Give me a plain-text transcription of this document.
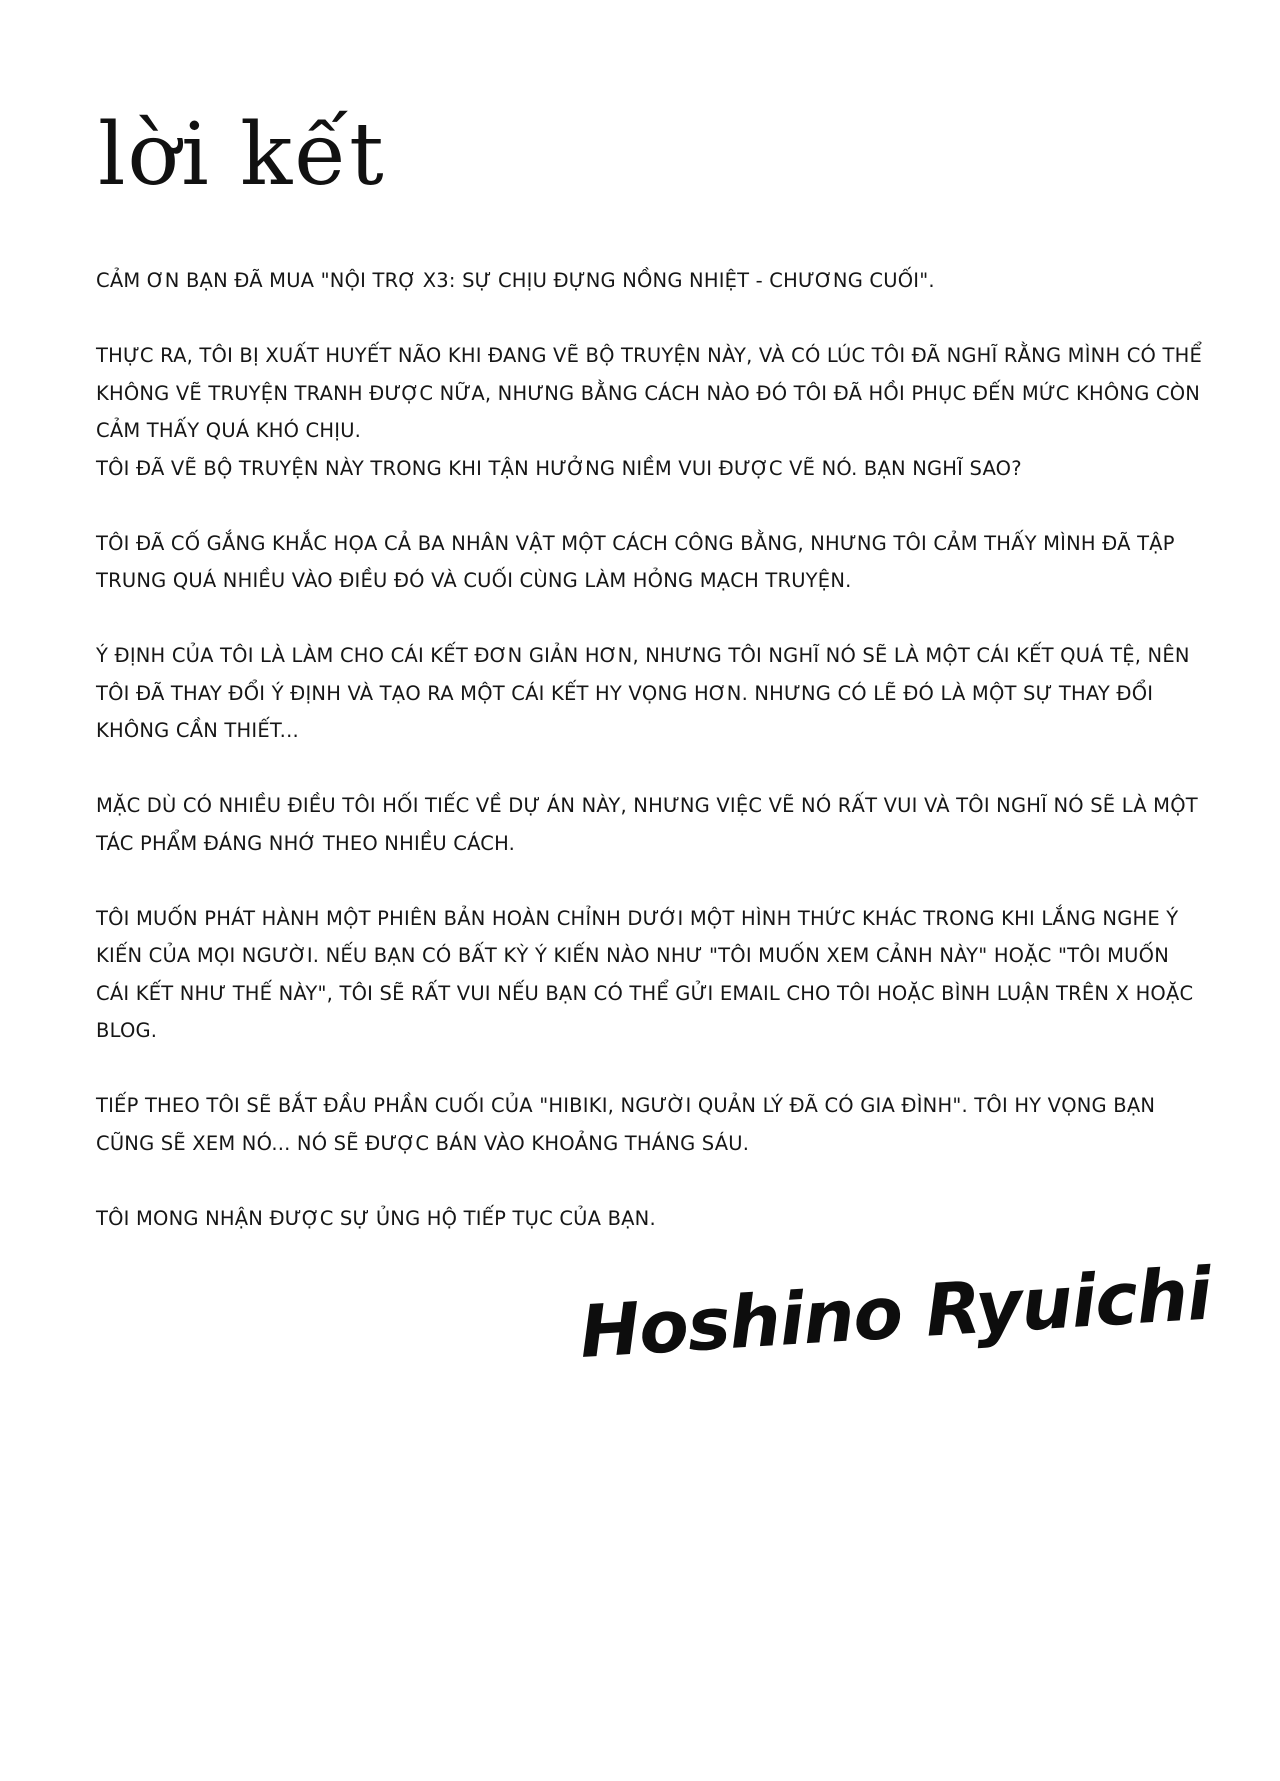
lời kết

CẢM ƠN BẠN ĐÃ MUA "NỘI TRỢ X3: SỰ CHỊU ĐỰNG NỒNG NHIỆT - CHƯƠNG CUỐI".

THỰC RA, TÔI BỊ XUẤT HUYẾT NÃO KHI ĐANG VẼ BỘ TRUYỆN NÀY, VÀ CÓ LÚC TÔI ĐÃ NGHĨ RẰNG MÌNH CÓ THỂ
KHÔNG VẼ TRUYỆN TRANH ĐƯỢC NỮA, NHƯNG BẰNG CÁCH NÀO ĐÓ TÔI ĐÃ HỒI PHỤC ĐẾN MỨC KHÔNG CÒN
CẢM THẤY QUÁ KHÓ CHỊU.
TÔI ĐÃ VẼ BỘ TRUYỆN NÀY TRONG KHI TẬN HƯỞNG NIỀM VUI ĐƯỢC VẼ NÓ. BẠN NGHĨ SAO?

TÔI ĐÃ CỐ GẮNG KHẮC HỌA CẢ BA NHÂN VẬT MỘT CÁCH CÔNG BẰNG, NHƯNG TÔI CẢM THẤY MÌNH ĐÃ TẬP
TRUNG QUÁ NHIỀU VÀO ĐIỀU ĐÓ VÀ CUỐI CÙNG LÀM HỎNG MẠCH TRUYỆN.

Ý ĐỊNH CỦA TÔI LÀ LÀM CHO CÁI KẾT ĐƠN GIẢN HƠN, NHƯNG TÔI NGHĨ NÓ SẼ LÀ MỘT CÁI KẾT QUÁ TỆ, NÊN
TÔI ĐÃ THAY ĐỔI Ý ĐỊNH VÀ TẠO RA MỘT CÁI KẾT HY VỌNG HƠN. NHƯNG CÓ LẼ ĐÓ LÀ MỘT SỰ THAY ĐỔI
KHÔNG CẦN THIẾT...

MẶC DÙ CÓ NHIỀU ĐIỀU TÔI HỐI TIẾC VỀ DỰ ÁN NÀY, NHƯNG VIỆC VẼ NÓ RẤT VUI VÀ TÔI NGHĨ NÓ SẼ LÀ MỘT
TÁC PHẨM ĐÁNG NHỚ THEO NHIỀU CÁCH.

TÔI MUỐN PHÁT HÀNH MỘT PHIÊN BẢN HOÀN CHỈNH DƯỚI MỘT HÌNH THỨC KHÁC TRONG KHI LẮNG NGHE Ý
KIẾN CỦA MỌI NGƯỜI. NẾU BẠN CÓ BẤT KỲ Ý KIẾN NÀO NHƯ "TÔI MUỐN XEM CẢNH NÀY" HOẶC "TÔI MUỐN
CÁI KẾT NHƯ THẾ NÀY", TÔI SẼ RẤT VUI NẾU BẠN CÓ THỂ GỬI EMAIL CHO TÔI HOẶC BÌNH LUẬN TRÊN X HOẶC
BLOG.

TIẾP THEO TÔI SẼ BẮT ĐẦU PHẦN CUỐI CỦA "HIBIKI, NGƯỜI QUẢN LÝ ĐÃ CÓ GIA ĐÌNH". TÔI HY VỌNG BẠN
CŨNG SẼ XEM NÓ... NÓ SẼ ĐƯỢC BÁN VÀO KHOẢNG THÁNG SÁU.

TÔI MONG NHẬN ĐƯỢC SỰ ỦNG HỘ TIẾP TỤC CỦA BẠN.

Hoshino Ryuichi
